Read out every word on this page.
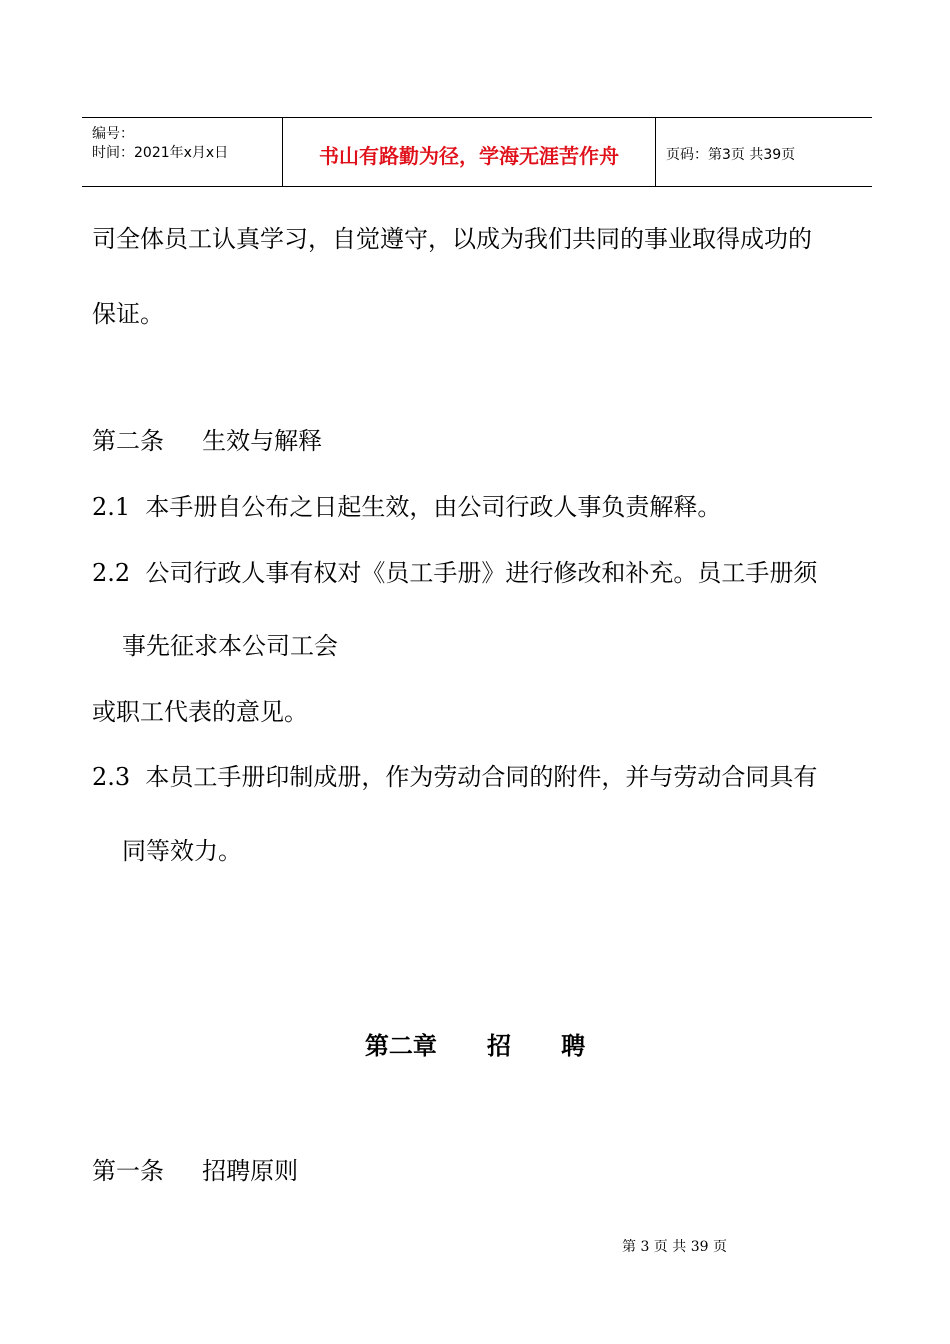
编号：
时间：2021年x月x日	书山有路勤为径，学海无涯苦作舟	页码：第3页 共39页
司全体员工认真学习，自觉遵守，以成为我们共同的事业取得成功的
保证。
第二条     生效与解释
2.1  本手册自公布之日起生效，由公司行政人事负责解释。
2.2  公司行政人事有权对《员工手册》进行修改和补充。员工手册须
事先征求本公司工会
或职工代表的意见。
2.3  本员工手册印制成册，作为劳动合同的附件，并与劳动合同具有
同等效力。
第二章      招      聘
第一条     招聘原则
第 3 页 共 39 页
